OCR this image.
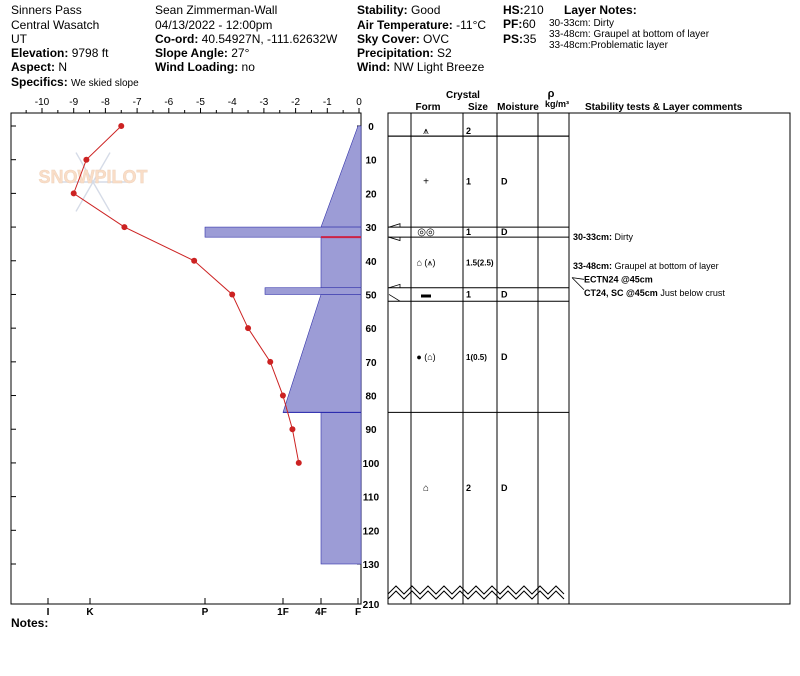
Sinners Pass
Central Wasatch
UT
Elevation: 9798 ft
Aspect: N
Specifics: We skied slope
Sean Zimmerman-Wall
04/13/2022 - 12:00pm
Co-ord: 40.54927N, -111.62632W
Slope Angle: 27°
Wind Loading: no
Stability: Good
Air Temperature: -11°C
Sky Cover: OVC
Precipitation: S2
Wind: NW Light Breeze
HS:210
PF:60
PS:35
Layer Notes:
30-33cm: Dirty
33-48cm: Graupel at bottom of layer
33-48cm:Problematic layer
Notes:
-10 -9 -8 -7 -6 -5 -4 -3 -2 -1 0
SNOWPILOT
I	K	P	1F	4F	F
0
10
20
30
40
50
60
70
80
90
100
110
120
130
210
Crystal
Form	Size Moisture
ρ
kg/m³ Stability tests & Layer comments
⩚	2
+	1	D
◎◎	1	D
⌂ (⩚)	1.5(2.5)
▬	1	D
● (⌂)	1(0.5) D
⌂	2	D
30-33cm: Dirty
33-48cm: Graupel at bottom of layer
ECTN24 @45cm
CT24, SC @45cm Just below crust
